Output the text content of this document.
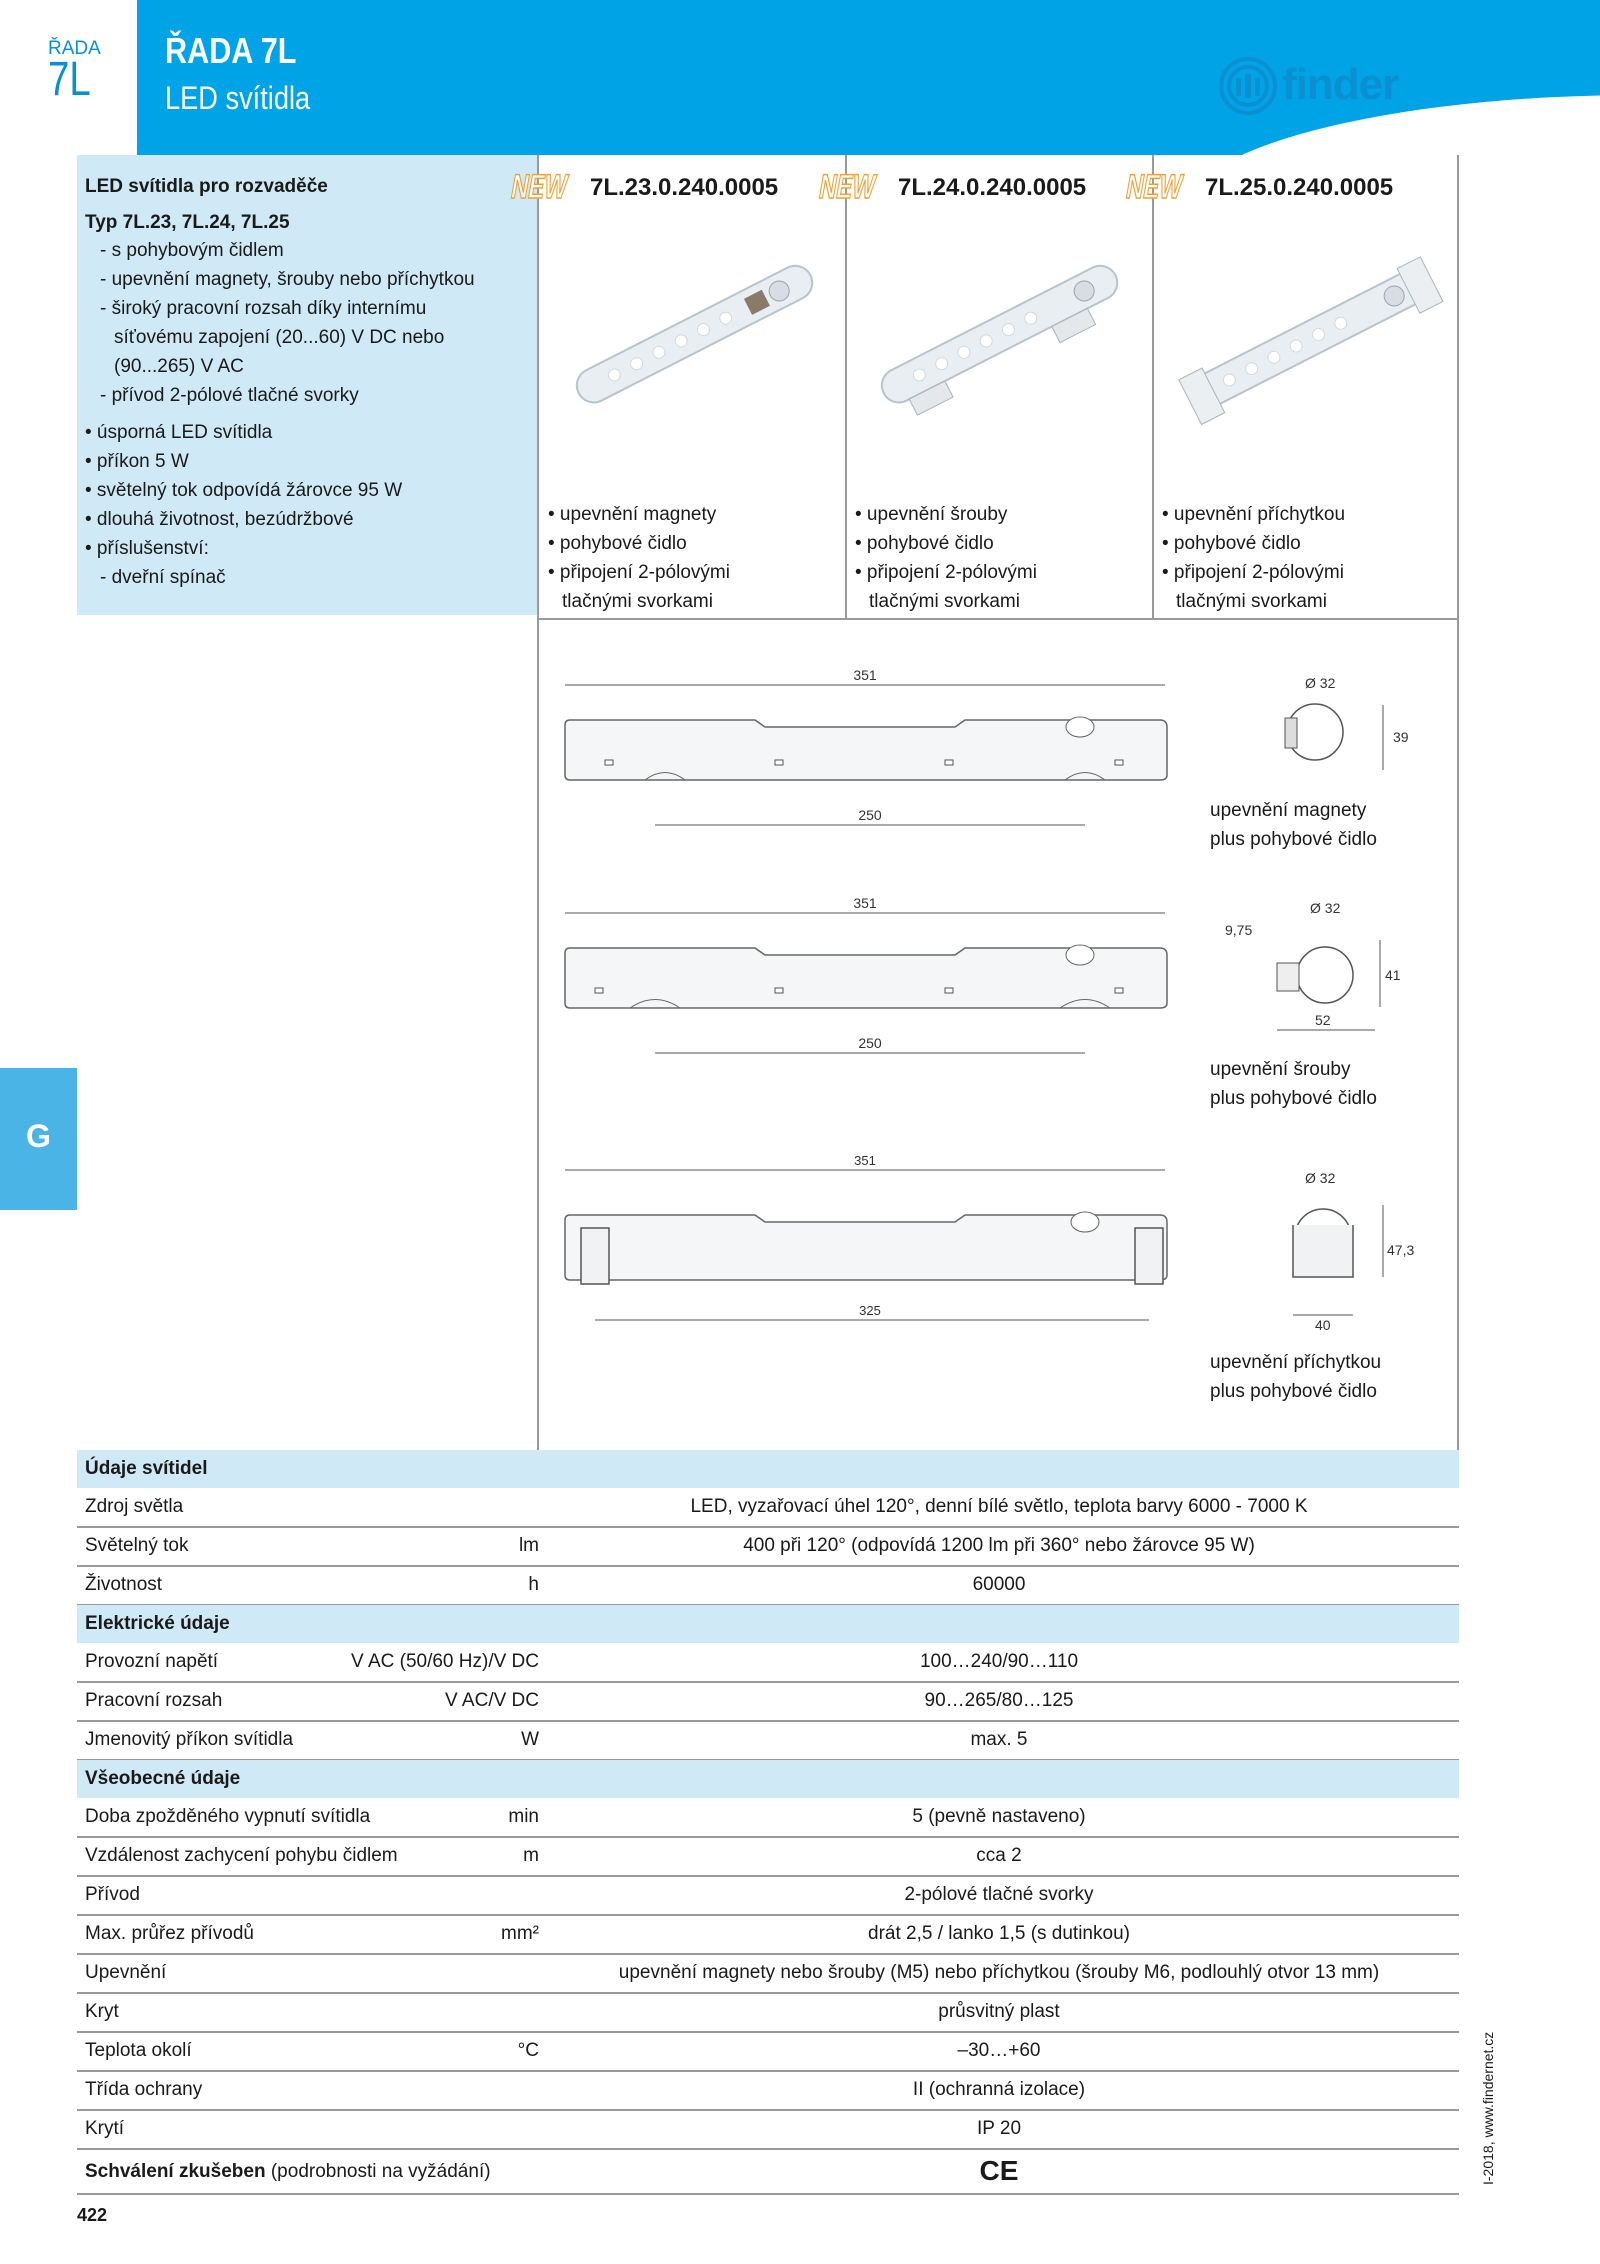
ŘADA
7L
ŘADA 7L
LED svítidla	finder
LED svítidla pro rozvaděče
Typ 7L.23, 7L.24, 7L.25
- s pohybovým čidlem
- upevnění magnety, šrouby nebo příchytkou
- široký pracovní rozsah díky internímu
síťovému zapojení (20...60) V DC nebo
(90...265) V AC
- přívod 2-pólové tlačné svorky
• úsporná LED svítidla
• příkon 5 W
• světelný tok odpovídá žárovce 95 W
• dlouhá životnost, bezúdržbové
• příslušenství:
- dveřní spínač
NEW 7L.23.0.240.0005
• upevnění magnety
• pohybové čidlo
• připojení 2-pólovými
tlačnými svorkami
NEW 7L.24.0.240.0005
• upevnění šrouby
• pohybové čidlo
• připojení 2-pólovými
tlačnými svorkami
NEW 7L.25.0.240.0005
• upevnění příchytkou
• pohybové čidlo
• připojení 2-pólovými
tlačnými svorkami
351
250
Ø 32
39
upevnění magnety
plus pohybové čidlo
351
250
9,75
Ø 32
41
52
upevnění šrouby
plus pohybové čidlo
G
351
325
Ø 32
47,3
40
upevnění příchytkou
plus pohybové čidlo
Údaje svítidel
Zdroj světla	LED, vyzařovací úhel 120°, denní bílé světlo, teplota barvy 6000 - 7000 K
Světelný tok	lm	400 při 120° (odpovídá 1200 lm při 360° nebo žárovce 95 W)
Životnost	h	60000
Elektrické údaje
Provozní napětí	V AC (50/60 Hz)/V DC	100…240/90…110
Pracovní rozsah	V AC/V DC	90…265/80…125
Jmenovitý příkon svítidla	W	max. 5
Všeobecné údaje
Doba zpožděného vypnutí svítidla	min	5 (pevně nastaveno)
Vzdálenost zachycení pohybu čidlem	m	cca 2
Přívod	2-pólové tlačné svorky
Max. průřez přívodů	mm²	drát 2,5 / lanko 1,5 (s dutinkou)
Upevnění	upevnění magnety nebo šrouby (M5) nebo příchytkou (šrouby M6, podlouhlý otvor 13 mm)
Kryt	průsvitný plast
Teplota okolí	°C	–30…+60
Třída ochrany	II (ochranná izolace)
Krytí	IP 20
Schválení zkušeben (podrobnosti na vyžádání)	CE
422
I-2018, www.findernet.cz
